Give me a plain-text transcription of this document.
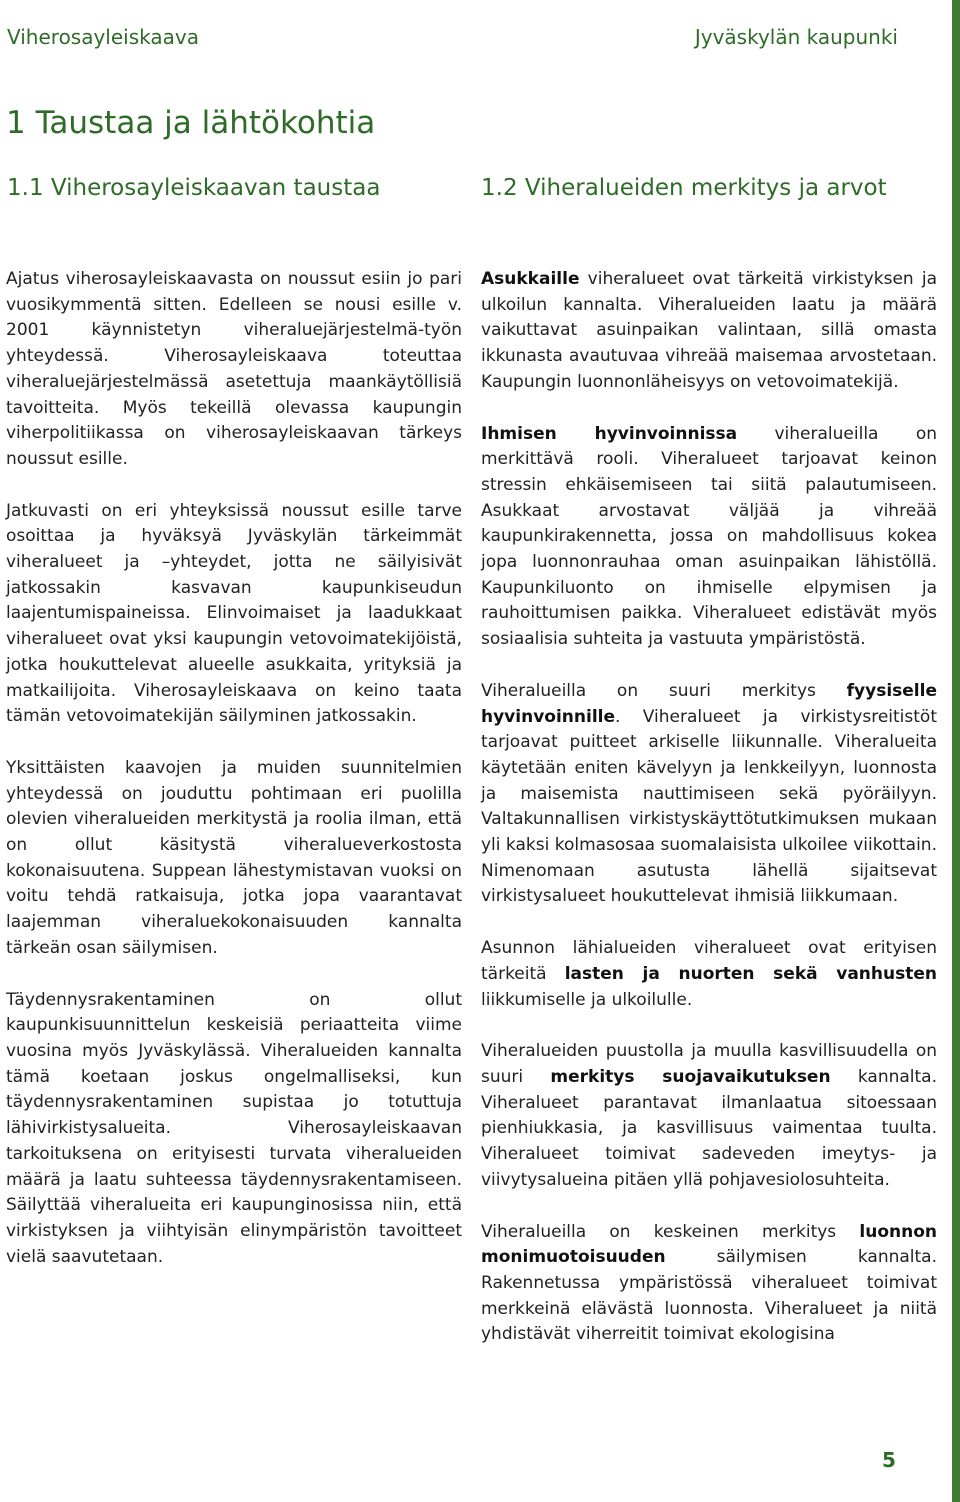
Viherosayleiskaava	Jyväskylän kaupunki
1 Taustaa ja lähtökohtia
1.1 Viherosayleiskaavan taustaa	1.2 Viheralueiden merkitys ja arvot

Ajatus viherosayleiskaavasta on noussut esiin jo pari vuosikymmentä sitten. Edelleen se nousi esille v. 2001 käynnistetyn viheraluejärjestelmä-työn yhteydessä. Viherosayleiskaava toteuttaa viheraluejärjestelmässä asetettuja maankäytöllisiä tavoitteita. Myös tekeillä olevassa kaupungin viherpolitiikassa on viherosayleiskaavan tärkeys noussut esille.

Jatkuvasti on eri yhteyksissä noussut esille tarve osoittaa ja hyväksyä Jyväskylän tärkeimmät viheralueet ja –yhteydet, jotta ne säilyisivät jatkossakin kasvavan kaupunkiseudun laajentumispaineissa. Elinvoimaiset ja laadukkaat viheralueet ovat yksi kaupungin vetovoimatekijöistä, jotka houkuttelevat alueelle asukkaita, yrityksiä ja matkailijoita. Viherosayleiskaava on keino taata tämän vetovoimatekijän säilyminen jatkossakin.

Yksittäisten kaavojen ja muiden suunnitelmien yhteydessä on jouduttu pohtimaan eri puolilla olevien viheralueiden merkitystä ja roolia ilman, että on ollut käsitystä viheralueverkostosta kokonaisuutena. Suppean lähestymistavan vuoksi on voitu tehdä ratkaisuja, jotka jopa vaarantavat laajemman viheraluekokonaisuuden kannalta tärkeän osan säilymisen.

Täydennysrakentaminen on ollut kaupunkisuunnittelun keskeisiä periaatteita viime vuosina myös Jyväskylässä. Viheralueiden kannalta tämä koetaan joskus ongelmalliseksi, kun täydennysrakentaminen supistaa jo totuttuja lähivirkistysalueita. Viherosayleiskaavan tarkoituksena on erityisesti turvata viheralueiden määrä ja laatu suhteessa täydennysrakentamiseen. Säilyttää viheralueita eri kaupunginosissa niin, että virkistyksen ja viihtyisän elinympäristön tavoitteet vielä saavutetaan.

Asukkaille viheralueet ovat tärkeitä virkistyksen ja ulkoilun kannalta. Viheralueiden laatu ja määrä vaikuttavat asuinpaikan valintaan, sillä omasta ikkunasta avautuvaa vihreää maisemaa arvostetaan. Kaupungin luonnonläheisyys on vetovoimatekijä.

Ihmisen hyvinvoinnissa viheralueilla on merkittävä rooli. Viheralueet tarjoavat keinon stressin ehkäisemiseen tai siitä palautumiseen. Asukkaat arvostavat väljää ja vihreää kaupunkirakennetta, jossa on mahdollisuus kokea jopa luonnonrauhaa oman asuinpaikan lähistöllä. Kaupunkiluonto on ihmiselle elpymisen ja rauhoittumisen paikka. Viheralueet edistävät myös sosiaalisia suhteita ja vastuuta ympäristöstä.

Viheralueilla on suuri merkitys fyysiselle hyvinvoinnille. Viheralueet ja virkistysreitistöt tarjoavat puitteet arkiselle liikunnalle. Viheralueita käytetään eniten kävelyyn ja lenkkeilyyn, luonnosta ja maisemista nauttimiseen sekä pyöräilyyn. Valtakunnallisen virkistyskäyttötutkimuksen mukaan yli kaksi kolmasosaa suomalaisista ulkoilee viikottain. Nimenomaan asutusta lähellä sijaitsevat virkistysalueet houkuttelevat ihmisiä liikkumaan.

Asunnon lähialueiden viheralueet ovat erityisen tärkeitä lasten ja nuorten sekä vanhusten liikkumiselle ja ulkoilulle.

Viheralueiden puustolla ja muulla kasvillisuudella on suuri merkitys suojavaikutuksen kannalta. Viheralueet parantavat ilmanlaatua sitoessaan pienhiukkasia, ja kasvillisuus vaimentaa tuulta. Viheralueet toimivat sadeveden imeytys- ja viivytysalueina pitäen yllä pohjavesiolosuhteita.

Viheralueilla on keskeinen merkitys luonnon monimuotoisuuden säilymisen kannalta. Rakennetussa ympäristössä viheralueet toimivat merkkeinä elävästä luonnosta. Viheralueet ja niitä yhdistävät viherreitit toimivat ekologisina

5
